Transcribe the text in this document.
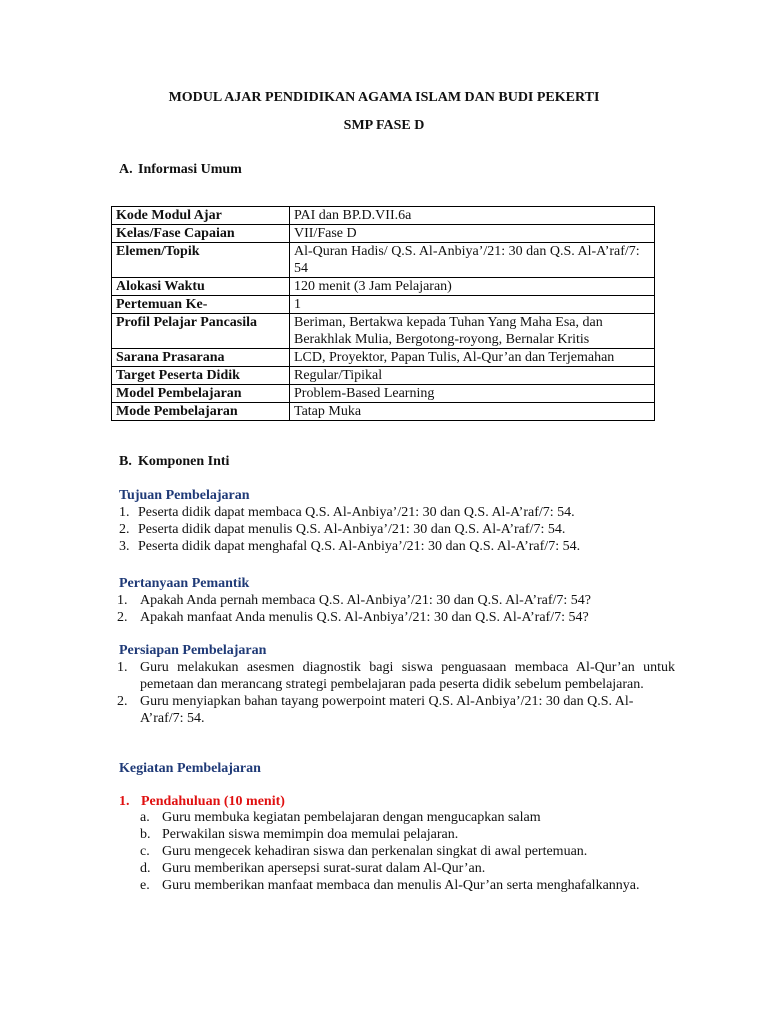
MODUL AJAR PENDIDIKAN AGAMA ISLAM DAN BUDI PEKERTI
SMP FASE D
A. Informasi Umum
Kode Modul Ajar	PAI dan BP.D.VII.6a
Kelas/Fase Capaian	VII/Fase D
Elemen/Topik	Al-Quran Hadis/ Q.S. Al-Anbiya’/21: 30 dan Q.S. Al-A’raf/7: 54
Alokasi Waktu	120 menit (3 Jam Pelajaran)
Pertemuan Ke-	1
Profil Pelajar Pancasila	Beriman, Bertakwa kepada Tuhan Yang Maha Esa, dan Berakhlak Mulia, Bergotong-royong, Bernalar Kritis
Sarana Prasarana	LCD, Proyektor, Papan Tulis, Al-Qur’an dan Terjemahan
Target Peserta Didik	Regular/Tipikal
Model Pembelajaran	Problem-Based Learning
Mode Pembelajaran	Tatap Muka
B. Komponen Inti
Tujuan Pembelajaran
1. Peserta didik dapat membaca Q.S. Al-Anbiya’/21: 30 dan Q.S. Al-A’raf/7: 54.
2. Peserta didik dapat menulis Q.S. Al-Anbiya’/21: 30 dan Q.S. Al-A’raf/7: 54.
3. Peserta didik dapat menghafal Q.S. Al-Anbiya’/21: 30 dan Q.S. Al-A’raf/7: 54.
Pertanyaan Pemantik
1. Apakah Anda pernah membaca Q.S. Al-Anbiya’/21: 30 dan Q.S. Al-A’raf/7: 54?
2. Apakah manfaat Anda menulis Q.S. Al-Anbiya’/21: 30 dan Q.S. Al-A’raf/7: 54?
Persiapan Pembelajaran
1. Guru melakukan asesmen diagnostik bagi siswa penguasaan membaca Al-Qur’an untuk pemetaan dan merancang strategi pembelajaran pada peserta didik sebelum pembelajaran.
2. Guru menyiapkan bahan tayang powerpoint materi Q.S. Al-Anbiya’/21: 30 dan Q.S. Al-A’raf/7: 54.
Kegiatan Pembelajaran
1. Pendahuluan (10 menit)
a. Guru membuka kegiatan pembelajaran dengan mengucapkan salam
b. Perwakilan siswa memimpin doa memulai pelajaran.
c. Guru mengecek kehadiran siswa dan perkenalan singkat di awal pertemuan.
d. Guru memberikan apersepsi surat-surat dalam Al-Qur’an.
e. Guru memberikan manfaat membaca dan menulis Al-Qur’an serta menghafalkannya.
